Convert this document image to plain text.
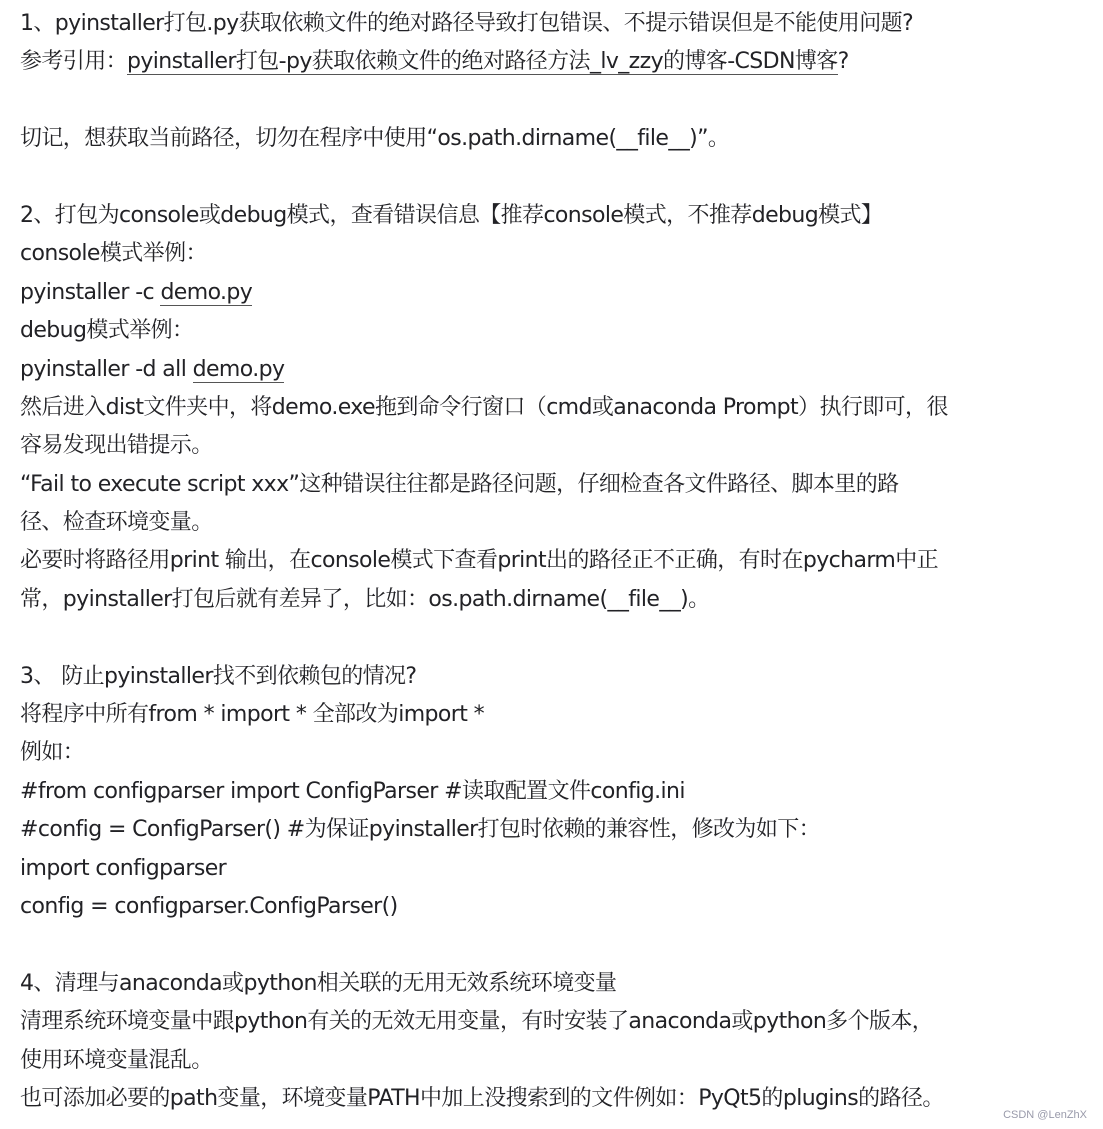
1、pyinstaller打包.py获取依赖文件的绝对路径导致打包错误、不提示错误但是不能使用问题?
参考引用：pyinstaller打包-py获取依赖文件的绝对路径方法_lv_zzy的博客-CSDN博客?
切记，想获取当前路径，切勿在程序中使用“os.path.dirname(__file__)”。
2、打包为console或debug模式，查看错误信息【推荐console模式，不推荐debug模式】
console模式举例：
pyinstaller -c demo.py
debug模式举例：
pyinstaller -d all demo.py
然后进入dist文件夹中，将demo.exe拖到命令行窗口（cmd或anaconda Prompt）执行即可，很
容易发现出错提示。
“Fail to execute script xxx”这种错误往往都是路径问题，仔细检查各文件路径、脚本里的路
径、检查环境变量。
必要时将路径用print 输出，在console模式下查看print出的路径正不正确，有时在pycharm中正
常，pyinstaller打包后就有差异了，比如：os.path.dirname(__file__)。
3、 防止pyinstaller找不到依赖包的情况?
将程序中所有from * import * 全部改为import *
例如：
#from configparser import ConfigParser #读取配置文件config.ini
#config = ConfigParser() #为保证pyinstaller打包时依赖的兼容性，修改为如下：
import configparser
config = configparser.ConfigParser()
4、清理与anaconda或python相关联的无用无效系统环境变量
清理系统环境变量中跟python有关的无效无用变量，有时安装了anaconda或python多个版本，
使用环境变量混乱。
也可添加必要的path变量，环境变量PATH中加上没搜索到的文件例如：PyQt5的plugins的路径。
CSDN @LenZhX
